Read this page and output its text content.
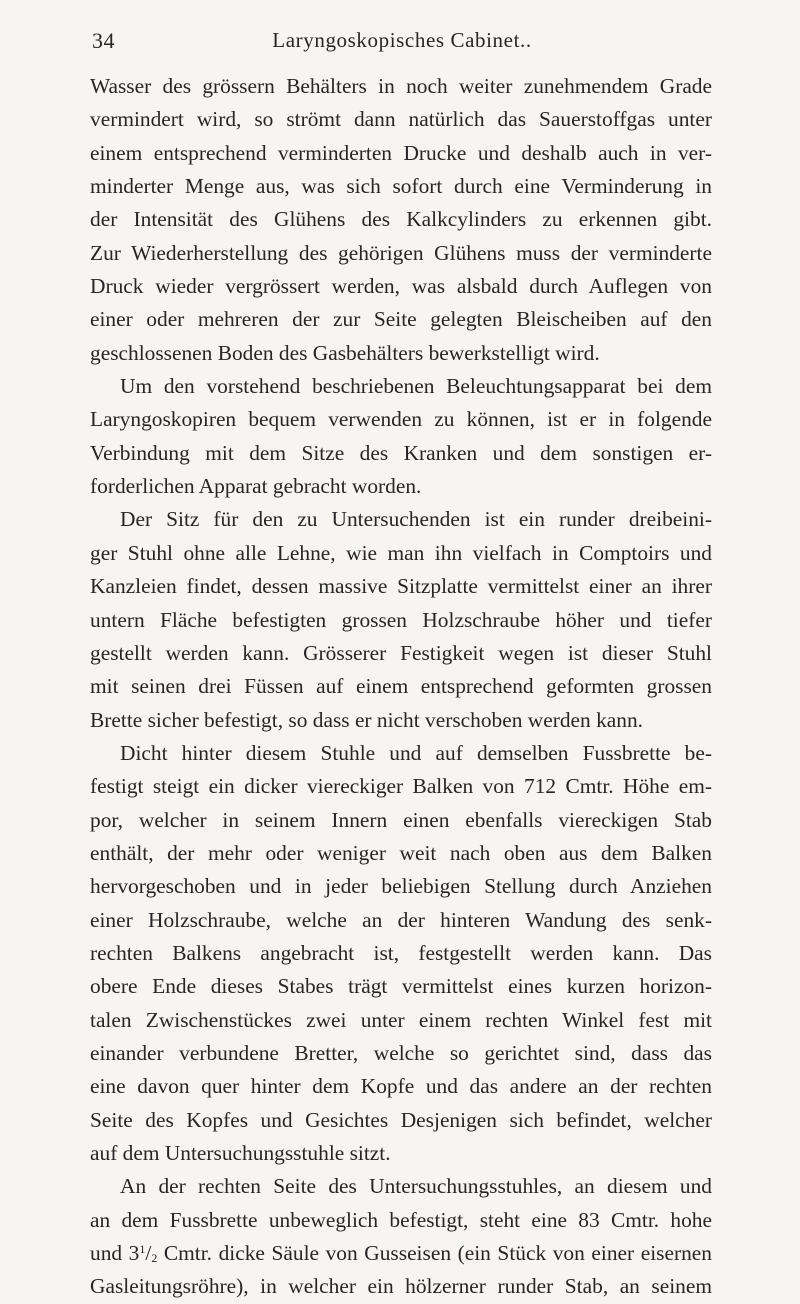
34	Laryngoskopisches Cabinet..
Wasser des grössern Behälters in noch weiter zunehmendem Grade
vermindert wird, so strömt dann natürlich das Sauerstoffgas unter
einem entsprechend verminderten Drucke und deshalb auch in ver-
minderter Menge aus, was sich sofort durch eine Verminderung in
der Intensität des Glühens des Kalkcylinders zu erkennen gibt.
Zur Wiederherstellung des gehörigen Glühens muss der verminderte
Druck wieder vergrössert werden, was alsbald durch Auflegen von
einer oder mehreren der zur Seite gelegten Bleischeiben auf den
geschlossenen Boden des Gasbehälters bewerkstelligt wird.
Um den vorstehend beschriebenen Beleuchtungsapparat bei dem
Laryngoskopiren bequem verwenden zu können, ist er in folgende
Verbindung mit dem Sitze des Kranken und dem sonstigen er-
forderlichen Apparat gebracht worden.
Der Sitz für den zu Untersuchenden ist ein runder dreibeini-
ger Stuhl ohne alle Lehne, wie man ihn vielfach in Comptoirs und
Kanzleien findet, dessen massive Sitzplatte vermittelst einer an ihrer
untern Fläche befestigten grossen Holzschraube höher und tiefer
gestellt werden kann. Grösserer Festigkeit wegen ist dieser Stuhl
mit seinen drei Füssen auf einem entsprechend geformten grossen
Brette sicher befestigt, so dass er nicht verschoben werden kann.
Dicht hinter diesem Stuhle und auf demselben Fussbrette be-
festigt steigt ein dicker viereckiger Balken von 712 Cmtr. Höhe em-
por, welcher in seinem Innern einen ebenfalls viereckigen Stab
enthält, der mehr oder weniger weit nach oben aus dem Balken
hervorgeschoben und in jeder beliebigen Stellung durch Anziehen
einer Holzschraube, welche an der hinteren Wandung des senk-
rechten Balkens angebracht ist, festgestellt werden kann. Das
obere Ende dieses Stabes trägt vermittelst eines kurzen horizon-
talen Zwischenstückes zwei unter einem rechten Winkel fest mit
einander verbundene Bretter, welche so gerichtet sind, dass das
eine davon quer hinter dem Kopfe und das andere an der rechten
Seite des Kopfes und Gesichtes Desjenigen sich befindet, welcher
auf dem Untersuchungsstuhle sitzt.
An der rechten Seite des Untersuchungsstuhles, an diesem und
an dem Fussbrette unbeweglich befestigt, steht eine 83 Cmtr. hohe
und $3^1/_2$ Cmtr. dicke Säule von Gusseisen (ein Stück von einer eisernen
Gasleitungsröhre), in welcher ein hölzerner runder Stab, an seinem
